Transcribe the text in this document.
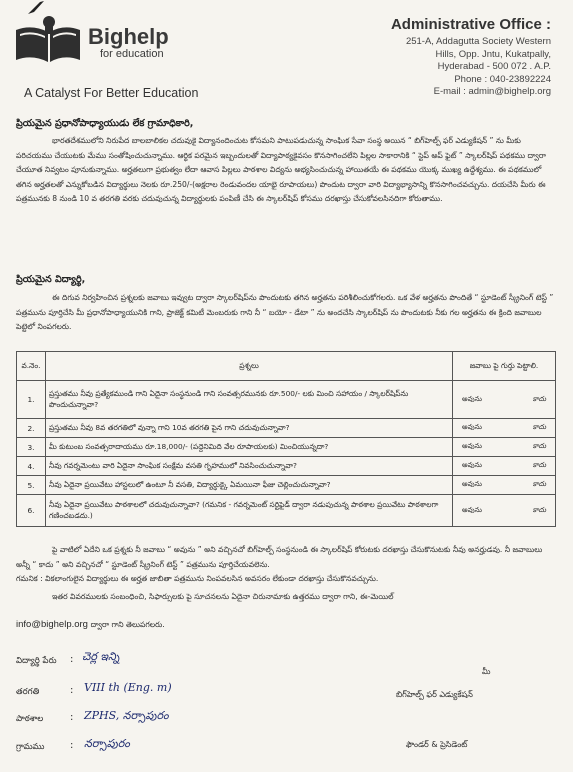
Bighelp
for education
A Catalyst For Better Education
Administrative Office :
251-A, Addagutta Society Western
Hills, Opp. Jntu, Kukatpally,
Hyderabad - 500 072 . A.P.
Phone : 040-23892224
E-mail : admin@bighelp.org
ప్రియమైన ప్రధానోపాధ్యాయుడు లేక గ్రామాధికారి,
భారతదేశములోని నిరుపేద బాలబాలికల చదువుకై విద్యానందించుట కోసమని పాటుపడుచున్న సాంఘిక సేవా సంస్థ అయిన “ బిగ్‌హెల్ప్ ఫర్ ఎడ్యుకేషన్ ” ను మీకు పరిచయము చేయుటకు మేము సంతోషించుచున్నాము. ఆర్థిక పరమైన ఇబ్బందులతో విద్యాపాఠ్యకైవసం కొనసాగించలేని పిల్లల సాకారానికి “ స్టెప్ అప్ ఫైట్ ” స్కాలర్‌షిప్ పథకము ద్వారా చేయూత నివ్వటం పూనుకున్నాము. అర్హతలుగా ప్రభుత్వం లేదా ఆవాస పిల్లలు పాఠశాల విద్యను అభ్యసించుచున్న హాయితయే ఈ పథకము యొక్క ముఖ్య ఉద్దేశ్యము. ఈ పథకములో తగిన అర్హతలతో ఎన్నుకోబడిన విద్యార్థులు నెలకు రూ.250/-(అక్షరాల రెండువందల యాభై రూపాయలు) పొందుట ద్వారా వారి విద్యాభ్యాసాన్ని కొనసాగించవచ్చును. దయచేసి మీరు ఈ పత్రమునకు 8 నుండి 10 వ తరగతి వరకు చదువుచున్న విద్యార్థులకు పంపిణీ చేసి ఈ స్కాలర్‌షిప్ కోసము దరఖాస్తు చేసుకోవలసినదిగా కోరుతాము.
ప్రియమైన విద్యార్థి,
ఈ దిగువ నిర్వహించిన ప్రశ్నలకు జవాబు ఇవ్వుట ద్వారా స్కాలర్‌షిప్‌ను పొందుటకు తగిన అర్హతను పరిశీలించుకోగలరు. ఒక వేళ అర్హతను పొందితే “ స్టూడెంట్ స్క్రీనింగ్ టెస్ట్ ” పత్రమును పూర్తిచేసి మీ ప్రధానోపాధ్యాయునికి గాని, ప్రాజెక్ట్ కమిటీ మెంబరుకు గాని నీ “ బయో - డేటా ” ను అందచేసి స్కాలర్‌షిప్ ను పొందుటకు నీకు గల అర్హతను ఈ క్రింది జవాబుల పెట్టెలో నింపగలరు.
వ.నెం.	ప్రశ్నలు	జవాబు పై గుర్తు పెట్టాలి.
1.	ప్రస్తుతము నీవు ప్రత్యేకముండి గాని ఏదైనా సంస్థనుండి గాని సంవత్సరమునకు రూ.500/- లకు మించి సహాయం / స్కాలర్‌షిప్‌ను పొందుచున్నావా?	అవును కాదు

2.	ప్రస్తుతము నీవు 8వ తరగతిలో వున్నా గాని 10వ తరగతి పైన గాని చదువుచున్నావా?	అవును కాదు

3.	మీ కుటుంబ సంవత్సరాదాయము రూ.18,000/- (పద్దెనిమిది వేల రూపాయలకు) మించియున్నదా?	అవును కాదు

4.	నీవు గవర్నమెంటు వారి ఏదైనా సాంఘిక సంక్షేమ వసతి గృహములో నివసించుచున్నావా?	అవును కాదు

5.	నీవు ఏదైనా ప్రయివేటు హాస్టలులో ఉంటూ నీ వసతి, విద్యార్థుక్కై ఏమయినా ఫీజు చెల్లించుచున్నావా?	అవును కాదు

6.	నీవు ఏదైనా ప్రయివేటు పాఠశాలలో చదువుచున్నావా? (గమనిక - గవర్నమెంట్ సర్టిఫైడ్ ద్వారా నడుపుచున్న పాఠశాల ప్రయివేటు పాఠశాలగా గణించబడదు.)	అవును కాదు
పై వాటిలో ఏదేని ఒక ప్రశ్నకు నీ జవాబు “ అవును ” అని వచ్చినచో బిగ్‌హెల్ప్ సంస్థనుండి ఈ స్కాలర్‌షిప్ కోరుటకు దరఖాస్తు చేసుకొనుటకు నీవు అనర్హుడవు. నీ జవాబులు అన్నీ “ కాదు ” అని వచ్చినచో “ స్టూడెంట్ స్క్రీనింగ్ టెస్ట్ ” పత్రమును పూర్తిచేయవలెను.
గమనిక : వికలాంగులైన విద్యార్థులు ఈ అర్హత జాబితా పత్రమును నింపవలసిన అవసరం లేకుండా దరఖాస్తు చేసుకొనవచ్చును.
ఇతర వివరములకు సంబంధించి, సిఫార్సులకు పై సూచనలను ఏదైనా చిరునామాకు ఉత్తరము ద్వారా గాని, ఈ-మెయిల్
info@bighelp.org ద్వారా గాని తెలుపగలరు.
విద్యార్థి పేరు : చెర్ల ఇన్ని
తరగతి	: VIII th (Eng. m)
పాఠశాల	: ZPHS, నర్సాపురం
గ్రామము	: నర్సాపురం
మీ
బిగ్‌హెల్ప్ ఫర్ ఎడ్యుకేషన్
ఫౌండర్ & ప్రెసిడెంట్
